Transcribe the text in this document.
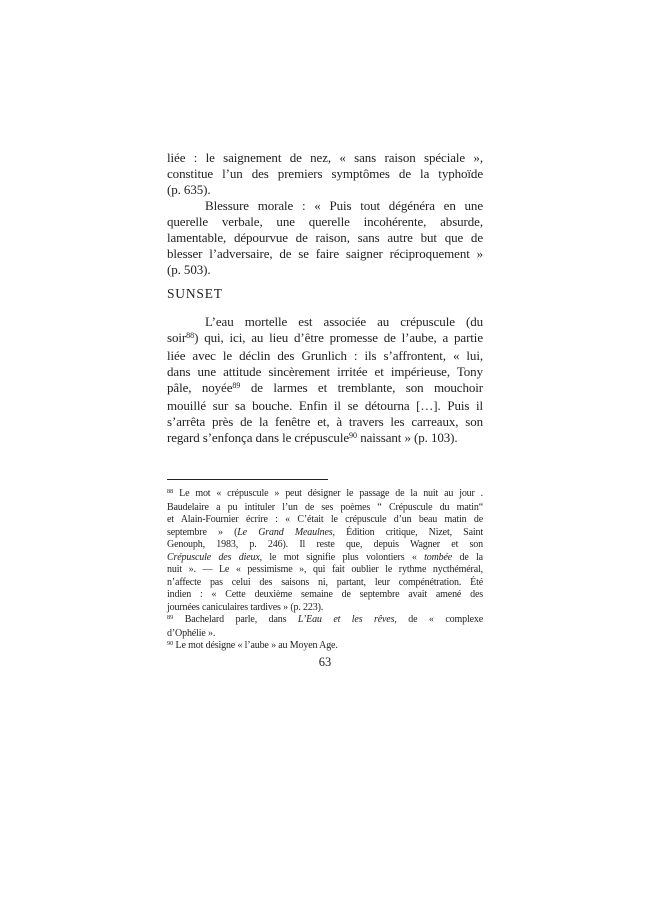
liée : le saignement de nez, « sans raison spéciale »,
constitue l’un des premiers symptômes de la typhoïde
(p. 635).
Blessure morale : « Puis tout dégénéra en une
querelle verbale, une querelle incohérente, absurde,
lamentable, dépourvue de raison, sans autre but que de
blesser l’adversaire, de se faire saigner réciproquement »
(p. 503).
SUNSET
L’eau mortelle est associée au crépuscule (du
soir$^{88}$) qui, ici, au lieu d’être promesse de l’aube, a partie
liée avec le déclin des Grunlich : ils s’affrontent, « lui,
dans une attitude sincèrement irritée et impérieuse, Tony
pâle, noyée$^{89}$ de larmes et tremblante, son mouchoir
mouillé sur sa bouche. Enfin il se détourna […]. Puis il
s’arrêta près de la fenêtre et, à travers les carreaux, son
regard s’enfonça dans le crépuscule$^{90}$ naissant » (p. 103).
$^{88}$ Le mot « crépuscule » peut désigner le passage de la nuit au jour .
Baudelaire a pu intituler l’un de ses poèmes “ Crépuscule du matin“
et Alain-Fournier écrire : « C’était le crépuscule d’un beau matin de
septembre » (Le Grand Meaulnes, Édition critique, Nizet, Saint
Genouph, 1983, p. 246). Il reste que, depuis Wagner et son
Crépuscule des dieux, le mot signifie plus volontiers « tombée de la
nuit ». — Le « pessimisme », qui fait oublier le rythme nycthéméral,
n’affecte pas celui des saisons ni, partant, leur compénétration. Été
indien : « Cette deuxième semaine de septembre avait amené des
journées caniculaires tardives » (p. 223).
$^{89}$ Bachelard parle, dans L’Eau et les rêves, de « complexe
d’Ophélie ».
$^{90}$ Le mot désigne « l’aube » au Moyen Age.
63
